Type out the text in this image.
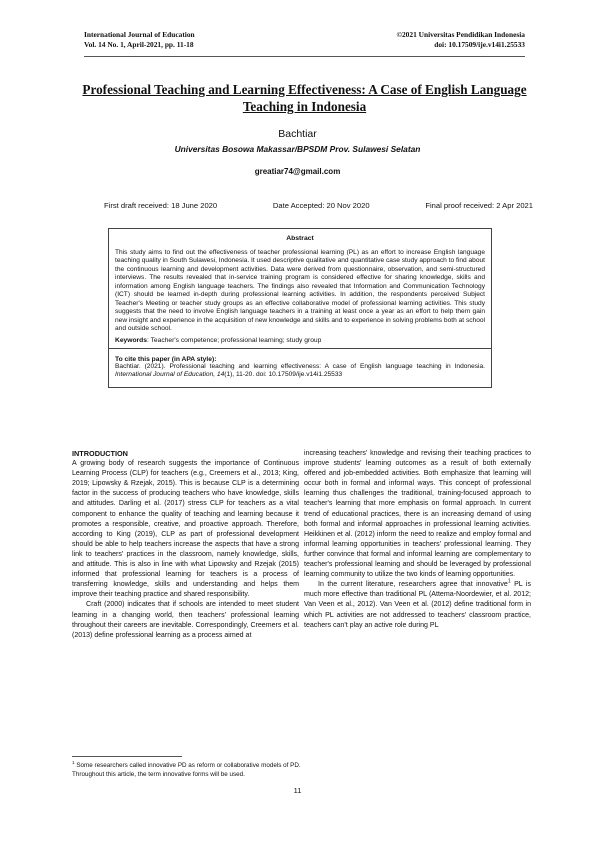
International Journal of Education
Vol. 14 No. 1, April-2021, pp. 11-18
©2021 Universitas Pendidikan Indonesia
doi: 10.17509/ije.v14i1.25533
Professional Teaching and Learning Effectiveness: A Case of English Language Teaching in Indonesia
Bachtiar
Universitas Bosowa Makassar/BPSDM Prov. Sulawesi Selatan
greatiar74@gmail.com
First draft received: 18 June 2020	Date Accepted: 20 Nov 2020	Final proof received: 2 Apr 2021
Abstract
This study aims to find out the effectiveness of teacher professional learning (PL) as an effort to increase English language teaching quality in South Sulawesi, Indonesia. It used descriptive qualitative and quantitative case study approach to find about the continuous learning and development activities. Data were derived from questionnaire, observation, and semi-structured interviews. The results revealed that in-service training program is considered effective for sharing knowledge, skills and information among English language teachers. The findings also revealed that Information and Communication Technology (ICT) should be learned in-depth during professional learning activities. In addition, the respondents perceived Subject Teacher's Meeting or teacher study groups as an effective collaborative model of professional learning activities. This study suggests that the need to involve English language teachers in a training at least once a year as an effort to help them gain new insight and experience in the acquisition of new knowledge and skills and to experience in solving problems both at school and outside school.
Keywords: Teacher's competence; professional learning; study group
To cite this paper (in APA style):
Bachtiar. (2021). Professional teaching and learning effectiveness: A case of English language teaching in Indonesia. International Journal of Education, 14(1), 11-20. doi: 10.17509/ije.v14i1.25533

INTRODUCTION

A growing body of research suggests the importance of Continuous Learning Process (CLP) for teachers (e.g., Creemers et al., 2013; King, 2019; Lipowsky & Rzejak, 2015). This is because CLP is a determining factor in the success of producing teachers who have knowledge, skills and attitudes. Darling et al. (2017) stress CLP for teachers as a vital component to enhance the quality of teaching and learning because it promotes a responsible, creative, and proactive approach. Therefore, according to King (2019), CLP as part of professional development should be able to help teachers increase the aspects that have a strong link to teachers' practices in the classroom, namely knowledge, skills, and attitude. This is also in line with what Lipowsky and Rzejak (2015) informed that professional learning for teachers is a process of transferring knowledge, skills and understanding and helps them improve their teaching practice and shared responsibility.

Craft (2000) indicates that if schools are intended to meet student learning in a changing world, then teachers' professional learning throughout their careers are inevitable. Correspondingly, Creemers et al. (2013) define professional learning as a process aimed at

increasing teachers' knowledge and revising their teaching practices to improve students' learning outcomes as a result of both externally offered and job-embedded activities. Both emphasize that learning will occur both in formal and informal ways. This concept of professional learning thus challenges the traditional, training-focused approach to teacher's learning that more emphasis on formal approach. In current trend of educational practices, there is an increasing demand of using both formal and informal approaches in professional learning activities. Heikkinen et al. (2012) inform the need to realize and employ formal and informal learning opportunities in teachers' professional learning. They further convince that formal and informal learning are complementary to teacher's professional learning and should be leveraged by professional learning community to utilize the two kinds of learning opportunities.

In the current literature, researchers agree that innovative$^1$ PL is much more effective than traditional PL (Attema-Noordewier, et al. 2012; Van Veen et al., 2012). Van Veen et al. (2012) define traditional form in which PL activities are not addressed to teachers' classroom practice, teachers can't play an active role during PL

$^1$ Some researchers called innovative PD as reform or collaborative models of PD. Throughout this article, the term innovative forms will be used.
11
